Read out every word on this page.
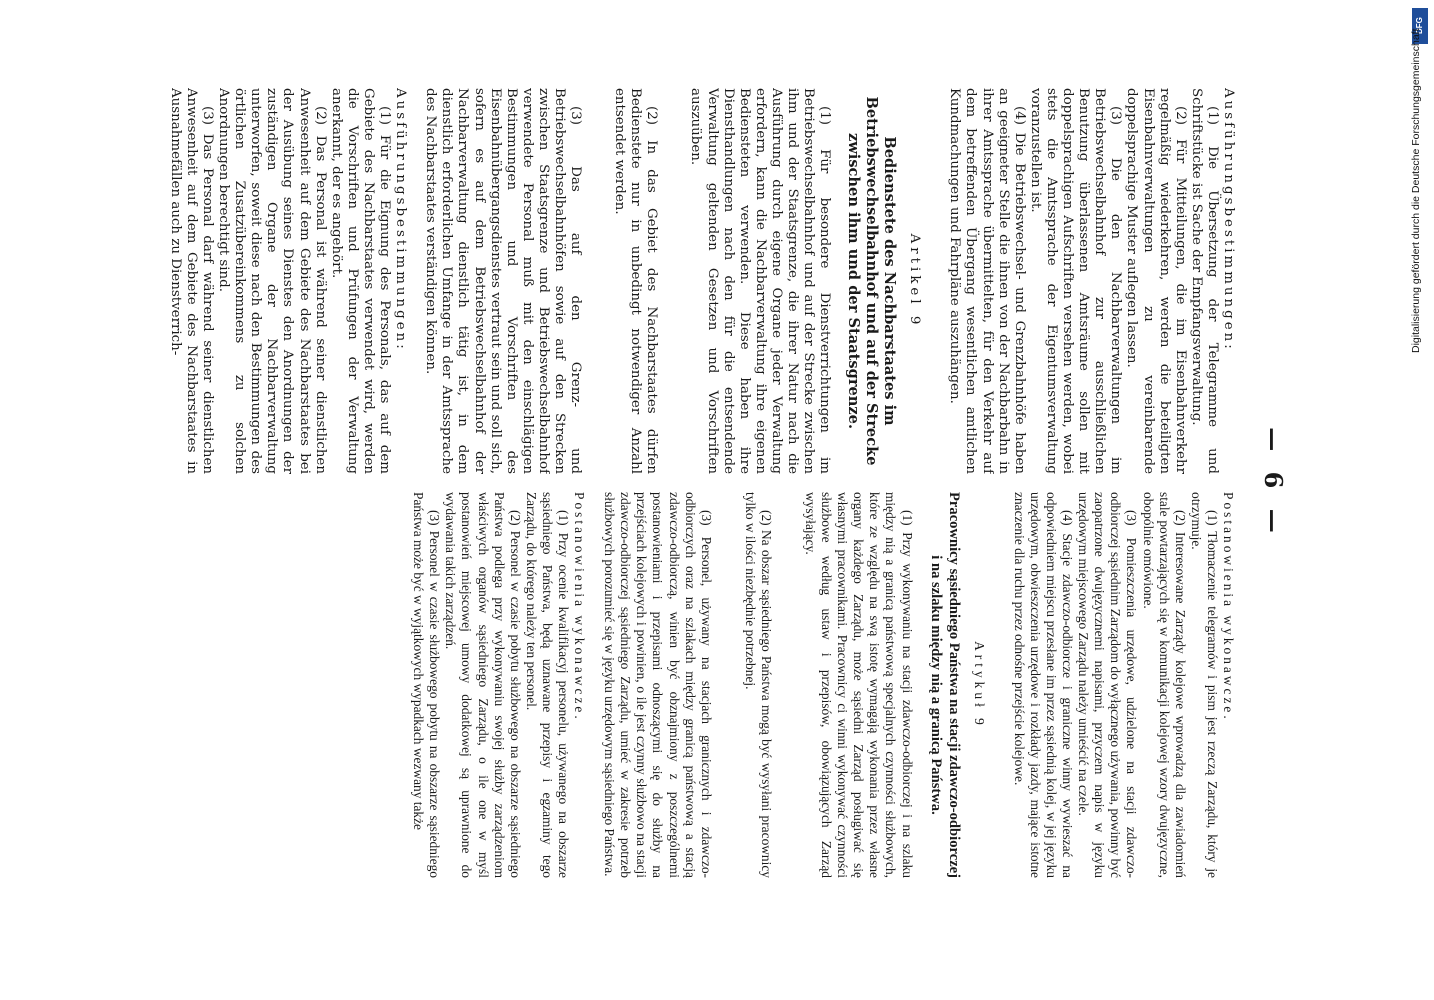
— 6 —

Ausführungsbestimmungen:

(1) Die Übersetzung der Telegramme und Schriftstücke ist Sache der Empfangsverwaltung.

(2) Für Mitteilungen, die im Eisenbahnverkehr regelmäßig wiederkehren, werden die beteiligten Eisenbahnverwaltungen zu vereinbarende doppelsprachige Muster auflegen lassen.

(3) Die den Nachbarverwaltungen im Betriebswechselbahnhof zur ausschließlichen Benutzung überlassenen Amtsräume sollen mit doppelsprachigen Aufschriften versehen werden, wobei stets die Amtssprache der Eigentumsverwaltung voranzustellen ist.

(4) Die Betriebswechsel- und Grenzbahnhöfe haben an geeigneter Stelle die ihnen von der Nachbarbahn in ihrer Amtssprache übermittelten, für den Verkehr auf dem betreffenden Übergang wesentlichen amtlichen Kundmachungen und Fahrpläne auszuhängen.

Artikel 9

Bedienstete des Nachbarstaates im Betriebswechselbahnhof und auf der Strecke zwischen ihm und der Staatsgrenze.

(1) Für besondere Dienstverrichtungen im Betriebswechselbahnhof und auf der Strecke zwischen ihm und der Staatsgrenze, die ihrer Natur nach die Ausführung durch eigene Organe jeder Verwaltung erfordern, kann die Nachbarverwaltung ihre eigenen Bediensteten verwenden. Diese haben ihre Diensthandlungen nach den für die entsendende Verwaltung geltenden Gesetzen und Vorschriften auszuüben.

(2) In das Gebiet des Nachbarstaates dürfen Bedienstete nur in unbedingt notwendiger Anzahl entsendet werden.

(3) Das auf den Grenz- und Betriebswechselbahnhöfen sowie auf den Strecken zwischen Staatsgrenze und Betriebswechselbahnhof verwendete Personal muß mit den einschlägigen Bestimmungen und Vorschriften des Eisenbahnübergangsdienstes vertraut sein und soll sich, sofern es auf dem Betriebswechselbahnhof der Nachbarverwaltung dienstlich tätig ist, in dem dienstlich erforderlichen Umfange in der Amtssprache des Nachbarstaates verständigen können.

Ausführungsbestimmungen:

(1) Für die Eignung des Personals, das auf dem Gebiete des Nachbarstaates verwendet wird, werden die Vorschriften und Prüfungen der Verwaltung anerkannt, der es angehört.

(2) Das Personal ist während seiner dienstlichen Anwesenheit auf dem Gebiete des Nachbarstaates bei der Ausübung seines Dienstes den Anordnungen der zuständigen Organe der Nachbarverwaltung unterworfen, soweit diese nach den Bestimmungen des örtlichen Zusatzübereinkommens zu solchen Anordnungen berechtigt sind.

(3) Das Personal darf während seiner dienstlichen Anwesenheit auf dem Gebiete des Nachbarstaates in Ausnahmefällen auch zu Dienstverrich-

Postanowienia wykonawcze.

(1) Tłomaczenie telegramów i pism jest rzeczą Zarządu, który je otrzymuje.

(2) Interesowane Zarządy kolejowe wprowadzą dla zawiadomień stale powtarzających się w komunikacji kolejowej wzory dwujęzyczne, obopólnie omówione.

(3) Pomieszczenia urzędowe, udzielone na stacji zdawczo-odbiorczej sąsiednim Zarządom do wyłącznego używania, powinny być zaopatrzone dwujęzycznemi napisami, przyczem napis w języku urzędowym miejscowego Zarządu należy umieścić na czele.

(4) Stacje zdawczo-odbiorcze i graniczne winny wywieszać na odpowiedniem miejscu przesłane im przez sąsiednią kolej, w jej języku urzędowym, obwieszczenia urzędowe i rozkłady jazdy, mające istotne znaczenie dla ruchu przez odnośne przejście kolejowe.

Artykuł 9

Pracownicy sąsiedniego Państwa na stacji zdawczo-odbiorczej i na szlaku między nią a granicą Państwa.

(1) Przy wykonywaniu na stacji zdawczo-odbiorczej i na szlaku między nią a granicą państwową specjalnych czynności służbowych, które ze względu na swą istotę wymagają wykonania przez własne organy każdego Zarządu, może sąsiedni Zarząd posługiwać się własnymi pracownikami. Pracownicy ci winni wykonywać czynności służbowe według ustaw i przepisów, obowiązujących Zarząd wysyłający.

(2) Na obszar sąsiedniego Państwa mogą być wysyłani pracownicy tylko w ilości niezbędnie potrzebnej.

(3) Personel, używany na stacjach granicznych i zdawczo-odbiorczych oraz na szlakach między granicą państwową a stacją zdawczo-odbiorczą, winien być obznajmiony z poszczególnemi postanowieniami i przepisami odnoszącymi się do służby na przejściach kolejowych i powinien, o ile jest czynny służbowo na stacji zdawczo-odbiorczej sąsiedniego Zarządu, umieć w zakresie potrzeb służbowych porozumieć się w języku urzędowym sąsiedniego Państwa.

Postanowienia wykonawcze.

(1) Przy ocenie kwalifikacyj personelu, używanego na obszarze sąsiedniego Państwa, będą uznawane przepisy i egzaminy tego Zarządu, do którego należy ten personel.

(2) Personel w czasie pobytu służbowego na obszarze sąsiedniego Państwa podlega przy wykonywaniu swojej służby zarządzeniom właściwych organów sąsiedniego Zarządu, o ile one w myśl postanowień miejscowej umowy dodatkowej są uprawnione do wydawania takich zarządzeń.

(3) Personel w czasie służbowego pobytu na obszarze sąsiedniego Państwa może być w wyjątkowych wypadkach wezwany także

DFG
Digitalisierung gefördert durch die Deutsche Forschungsgemeinschaft
